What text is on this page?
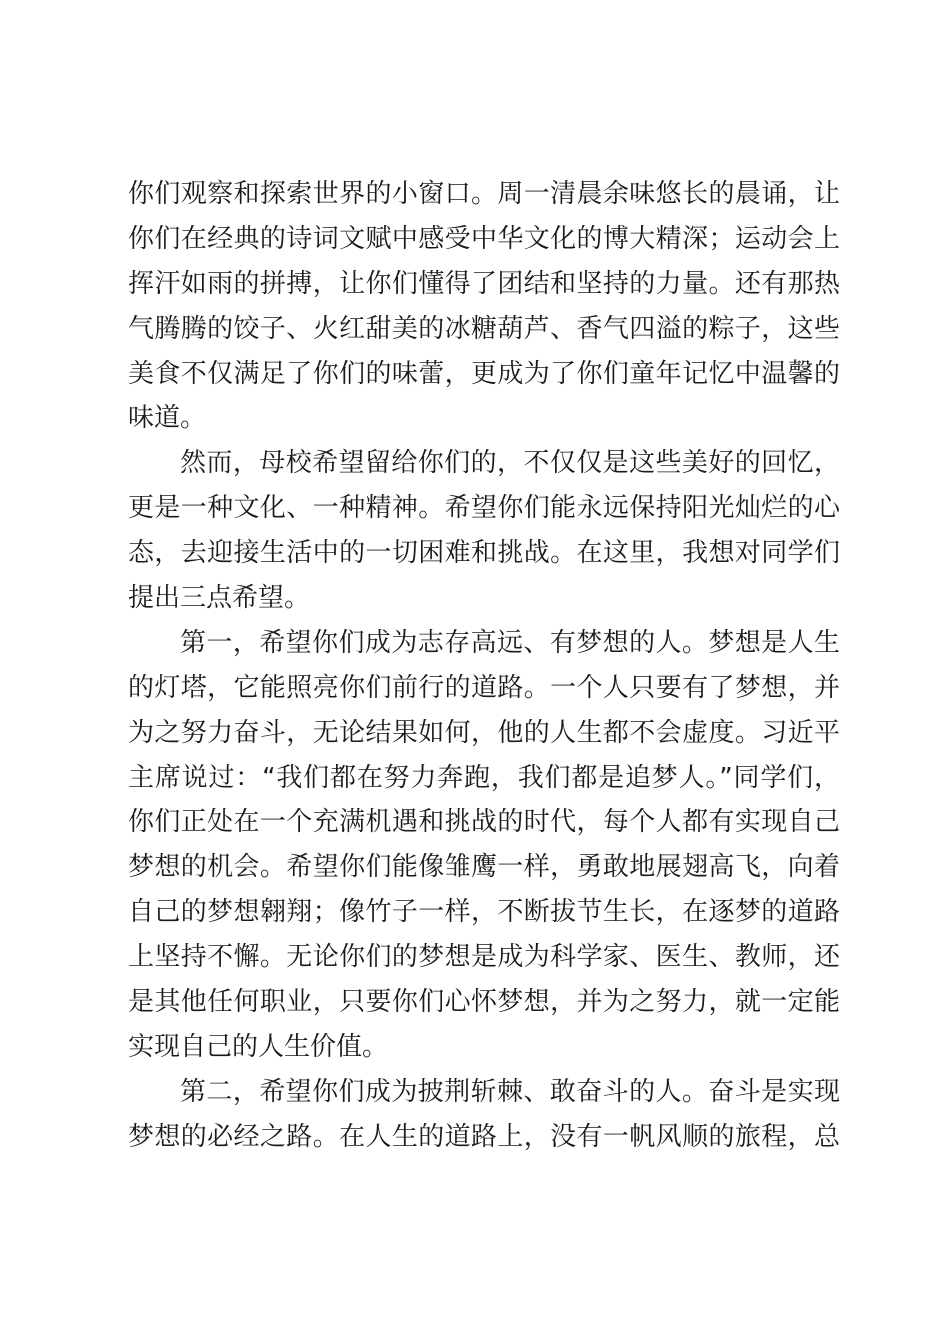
你们观察和探索世界的小窗口。周一清晨余味悠长的晨诵，让
你们在经典的诗词文赋中感受中华文化的博大精深；运动会上
挥汗如雨的拼搏，让你们懂得了团结和坚持的力量。还有那热
气腾腾的饺子、火红甜美的冰糖葫芦、香气四溢的粽子，这些
美食不仅满足了你们的味蕾，更成为了你们童年记忆中温馨的
味道。
然而，母校希望留给你们的，不仅仅是这些美好的回忆，
更是一种文化、一种精神。希望你们能永远保持阳光灿烂的心
态，去迎接生活中的一切困难和挑战。在这里，我想对同学们
提出三点希望。
第一，希望你们成为志存高远、有梦想的人。梦想是人生
的灯塔，它能照亮你们前行的道路。一个人只要有了梦想，并
为之努力奋斗，无论结果如何，他的人生都不会虚度。习近平
主席说过：“我们都在努力奔跑，我们都是追梦人。”同学们，
你们正处在一个充满机遇和挑战的时代，每个人都有实现自己
梦想的机会。希望你们能像雏鹰一样，勇敢地展翅高飞，向着
自己的梦想翱翔；像竹子一样，不断拔节生长，在逐梦的道路
上坚持不懈。无论你们的梦想是成为科学家、医生、教师，还
是其他任何职业，只要你们心怀梦想，并为之努力，就一定能
实现自己的人生价值。
第二，希望你们成为披荆斩棘、敢奋斗的人。奋斗是实现
梦想的必经之路。在人生的道路上，没有一帆风顺的旅程，总
